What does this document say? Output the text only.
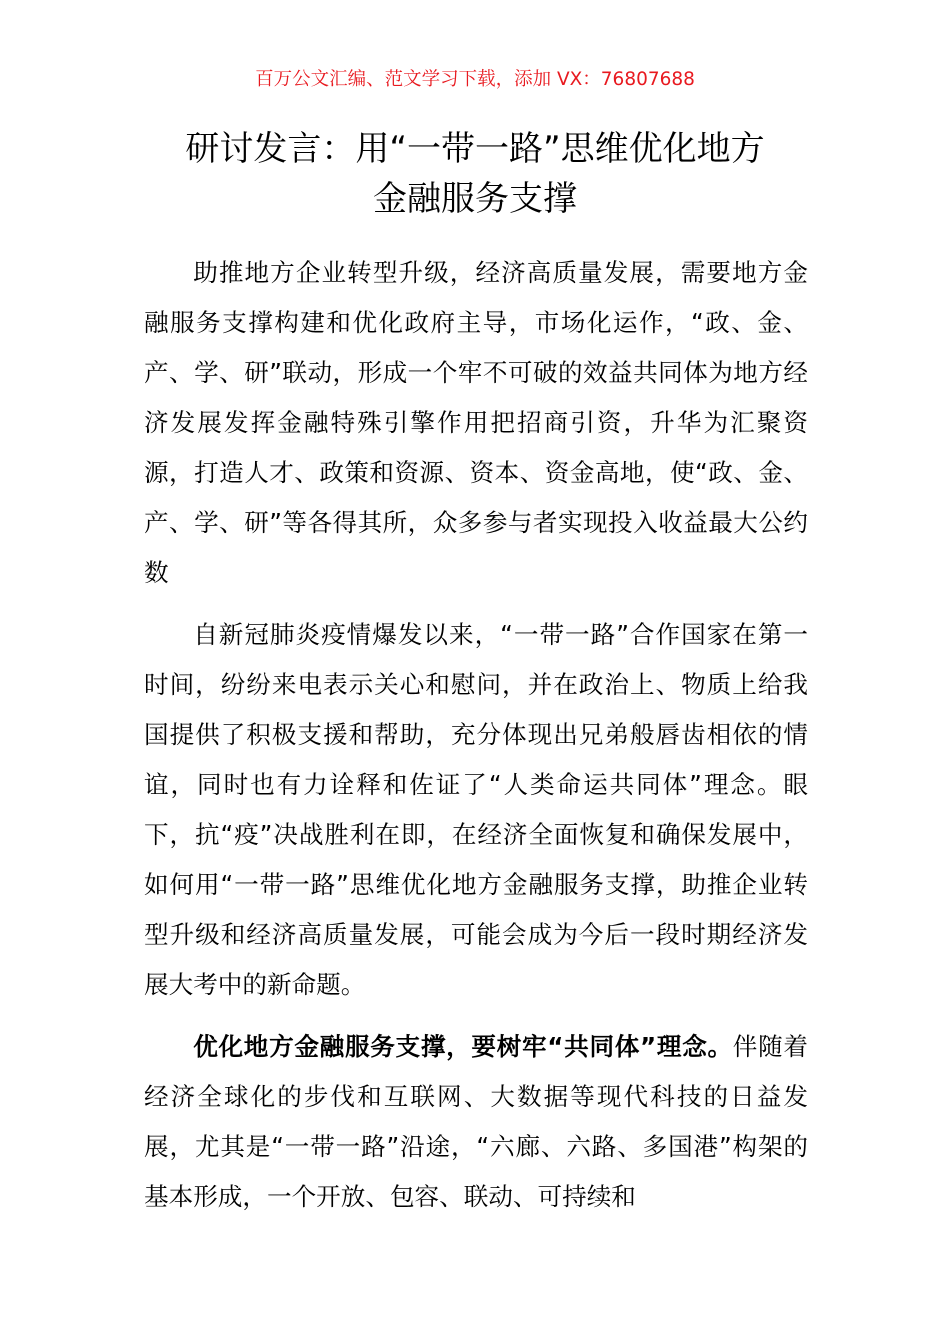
百万公文汇编、范文学习下载，添加 VX：76807688
研讨发言：用“一带一路”思维优化地方
金融服务支撑

助推地方企业转型升级，经济高质量发展，需要地方金融服务支撑构建和优化政府主导，市场化运作，“政、金、产、学、研”联动，形成一个牢不可破的效益共同体为地方经济发展发挥金融特殊引擎作用把招商引资，升华为汇聚资源，打造人才、政策和资源、资本、资金高地，使“政、金、产、学、研”等各得其所，众多参与者实现投入收益最大公约数

自新冠肺炎疫情爆发以来，“一带一路”合作国家在第一时间，纷纷来电表示关心和慰问，并在政治上、物质上给我国提供了积极支援和帮助，充分体现出兄弟般唇齿相依的情谊，同时也有力诠释和佐证了“人类命运共同体”理念。眼下，抗“疫”决战胜利在即，在经济全面恢复和确保发展中，如何用“一带一路”思维优化地方金融服务支撑，助推企业转型升级和经济高质量发展，可能会成为今后一段时期经济发展大考中的新命题。

优化地方金融服务支撑，要树牢“共同体”理念。伴随着经济全球化的步伐和互联网、大数据等现代科技的日益发展，尤其是“一带一路”沿途，“六廊、六路、多国港”构架的基本形成，一个开放、包容、联动、可持续和
